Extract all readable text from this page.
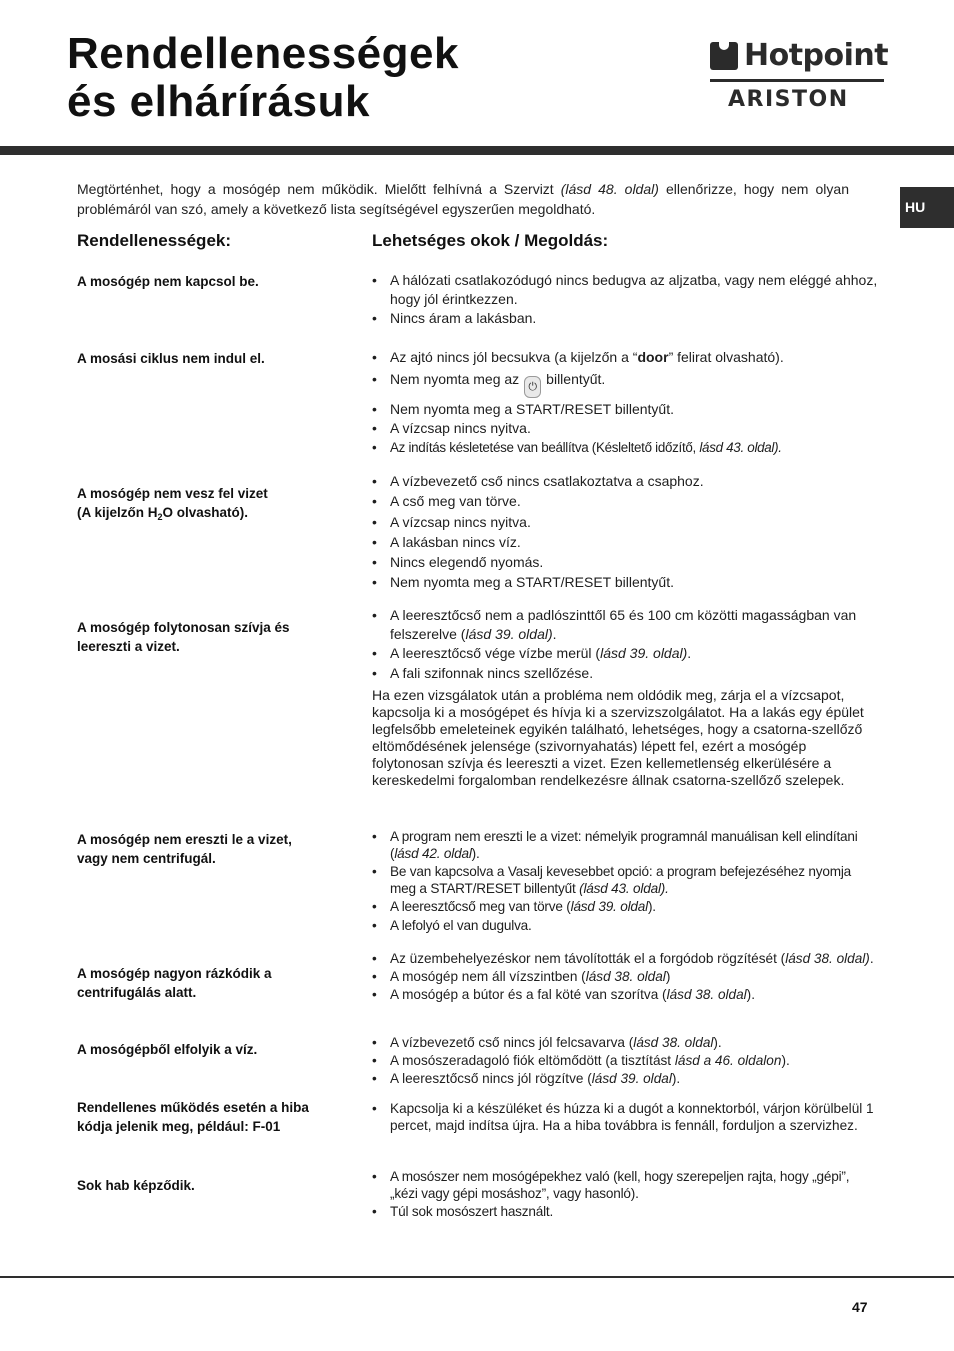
Rendellenességek
és elhárírásuk
Hotpoint
ARISTON
HU

Megtörténhet, hogy a mosógép nem működik. Mielőtt felhívná a Szervizt (lásd 48. oldal) ellenőrizze, hogy nem olyan problémáról van szó, amely a következő lista segítségével egyszerűen megoldható.

Rendellenességek:	Lehetséges okok / Megoldás:
A mosógép nem kapcsol be.	• A hálózati csatlakozódugó nincs bedugva az aljzatba, vagy nem eléggé ahhoz, hogy jól érintkezzen.
• Nincs áram a lakásban.
A mosási ciklus nem indul el.	• Az ajtó nincs jól becsukva (a kijelzőn a “door” felirat olvasható).
• Nem nyomta meg az ⏻ billentyűt.
• Nem nyomta meg a START/RESET billentyűt.
• A vízcsap nincs nyitva.
• Az indítás késletetése van beállítva (Késleltető időzítő, lásd 43. oldal).
A mosógép nem vesz fel vizet
(A kijelzőn $H_2O$ olvasható).
• A vízbevezető cső nincs csatlakoztatva a csaphoz.
• A cső meg van törve.
• A vízcsap nincs nyitva.
• A lakásban nincs víz.
• Nincs elegendő nyomás.
• Nem nyomta meg a START/RESET billentyűt.
A mosógép folytonosan szívja és
leereszti a vizet.
• A leeresztőcső nem a padlószinttől 65 és 100 cm közötti magasságban van felszerelve (lásd 39. oldal).
• A leeresztőcső vége vízbe merül (lásd 39. oldal).
• A fali szifonnak nincs szellőzése.

Ha ezen vizsgálatok után a probléma nem oldódik meg, zárja el a vízcsapot, kapcsolja ki a mosógépet és hívja ki a szervizszolgálatot. Ha a lakás egy épület legfelsőbb emeleteinek egyikén található, lehetséges, hogy a csatorna-szellőző eltömődésének jelensége (szivornyahatás) lépett fel, ezért a mosógép folytonosan szívja és leereszti a vizet. Ezen kellemetlenség elkerülésére a kereskedelmi forgalomban rendelkezésre állnak csatorna-szellőző szelepek.

A mosógép nem ereszti le a vizet,
vagy nem centrifugál.
• A program nem ereszti le a vizet: némelyik programnál manuálisan kell elindítani (lásd 42. oldal).
• Be van kapcsolva a Vasalj kevesebbet opció: a program befejezéséhez nyomja meg a START/RESET billentyűt (lásd 43. oldal).
• A leeresztőcső meg van törve (lásd 39. oldal).
• A lefolyó el van dugulva.
A mosógép nagyon rázkódik a
centrifugálás alatt.
• Az üzembehelyezéskor nem távolították el a forgódob rögzítését (lásd 38. oldal).
• A mosógép nem áll vízszintben (lásd 38. oldal)
• A mosógép a bútor és a fal köté van szorítva (lásd 38. oldal).
A mosógépből elfolyik a víz.	• A vízbevezető cső nincs jól felcsavarva (lásd 38. oldal).
• A mosószeradagoló fiók eltömődött (a tisztítást lásd a 46. oldalon).
• A leeresztőcső nincs jól rögzítve (lásd 39. oldal).
Rendellenes működés esetén a hiba
kódja jelenik meg, például: F-01
• Kapcsolja ki a készüléket és húzza ki a dugót a konnektorból, várjon körülbelül 1 percet, majd indítsa újra. Ha a hiba továbbra is fennáll, forduljon a szervizhez.
Sok hab képződik.
• A mosószer nem mosógépekhez való (kell, hogy szerepeljen rajta, hogy „gépi”, „kézi vagy gépi mosáshoz”, vagy hasonló).
• Túl sok mosószert használt.
47
